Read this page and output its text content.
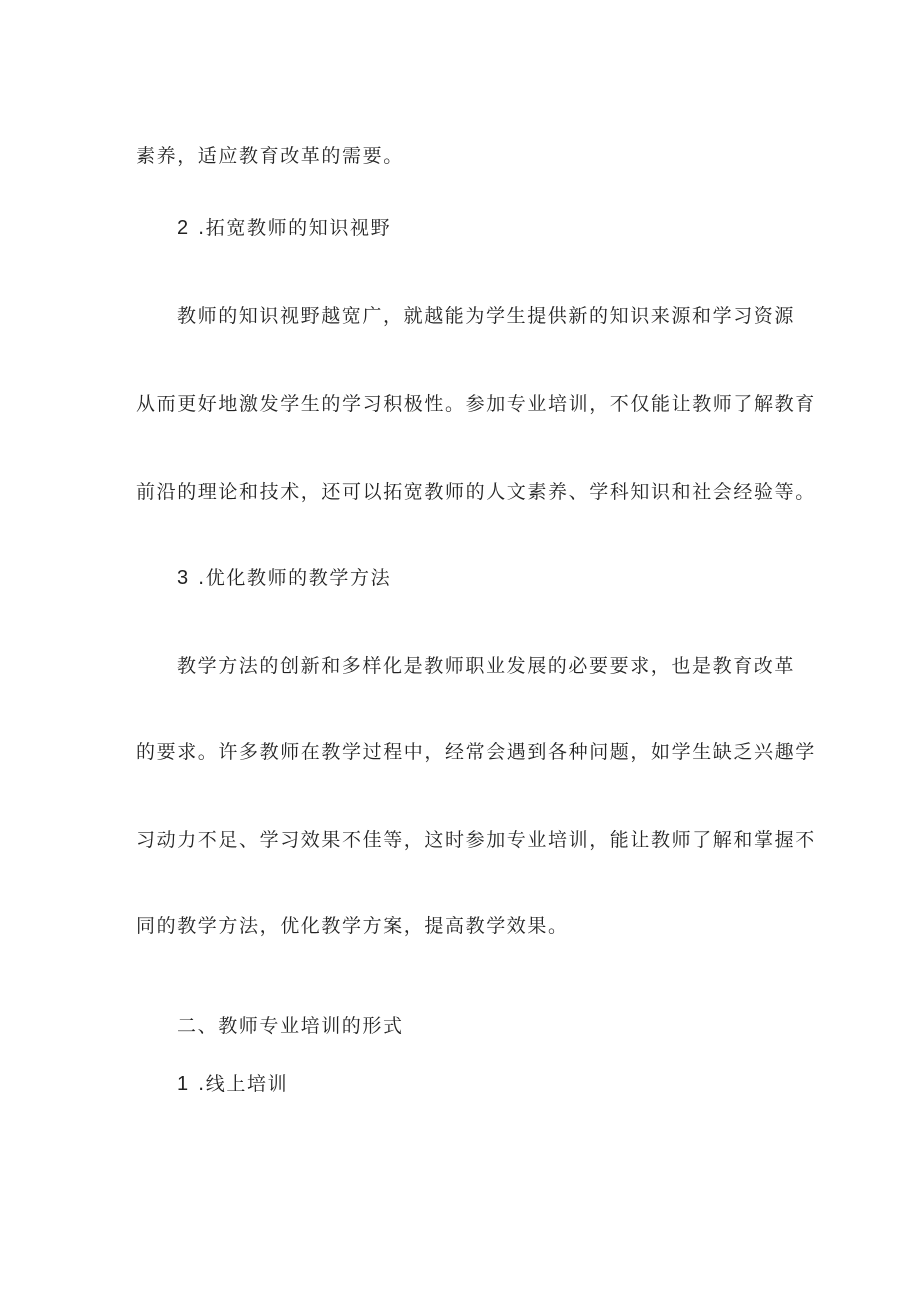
素养，适应教育改革的需要。
2 .拓宽教师的知识视野
教师的知识视野越宽广，就越能为学生提供新的知识来源和学习资源
从而更好地激发学生的学习积极性。参加专业培训，不仅能让教师了解教育
前沿的理论和技术，还可以拓宽教师的人文素养、学科知识和社会经验等。
3 .优化教师的教学方法
教学方法的创新和多样化是教师职业发展的必要要求，也是教育改革
的要求。许多教师在教学过程中，经常会遇到各种问题，如学生缺乏兴趣学
习动力不足、学习效果不佳等，这时参加专业培训，能让教师了解和掌握不
同的教学方法，优化教学方案，提高教学效果。
二、教师专业培训的形式
1 .线上培训
